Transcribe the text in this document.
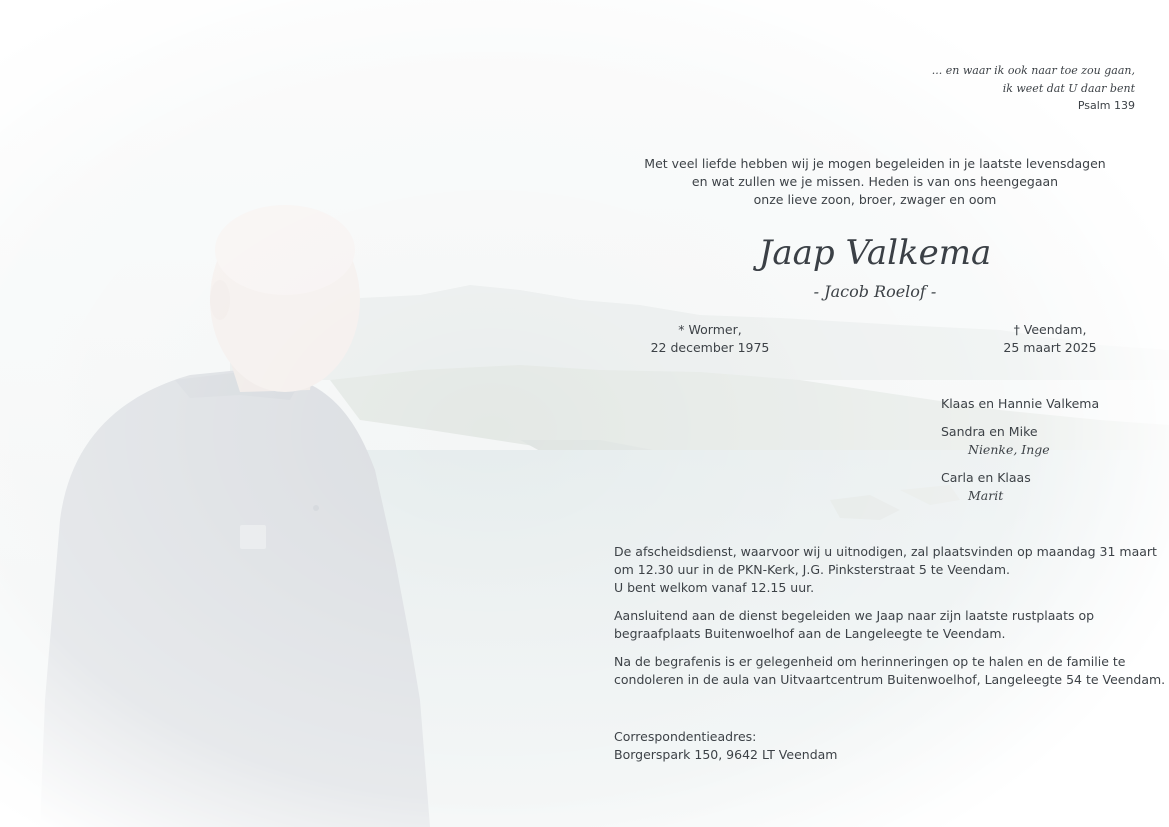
... en waar ik ook naar toe zou gaan,
ik weet dat U daar bent
Psalm 139
Met veel liefde hebben wij je mogen begeleiden in je laatste levensdagen
en wat zullen we je missen. Heden is van ons heengegaan
onze lieve zoon, broer, zwager en oom
Jaap Valkema
- Jacob Roelof -
* Wormer,
22 december 1975
† Veendam,
25 maart 2025
Klaas en Hannie Valkema
Sandra en Mike
Nienke, Inge
Carla en Klaas
Marit

De afscheidsdienst, waarvoor wij u uitnodigen, zal plaatsvinden op maandag 31 maart
om 12.30 uur in de PKN-Kerk, J.G. Pinksterstraat 5 te Veendam.
U bent welkom vanaf 12.15 uur.

Aansluitend aan de dienst begeleiden we Jaap naar zijn laatste rustplaats op
begraafplaats Buitenwoelhof aan de Langeleegte te Veendam.

Na de begrafenis is er gelegenheid om herinneringen op te halen en de familie te
condoleren in de aula van Uitvaartcentrum Buitenwoelhof, Langeleegte 54 te Veendam.

Correspondentieadres:
Borgerspark 150, 9642 LT Veendam
